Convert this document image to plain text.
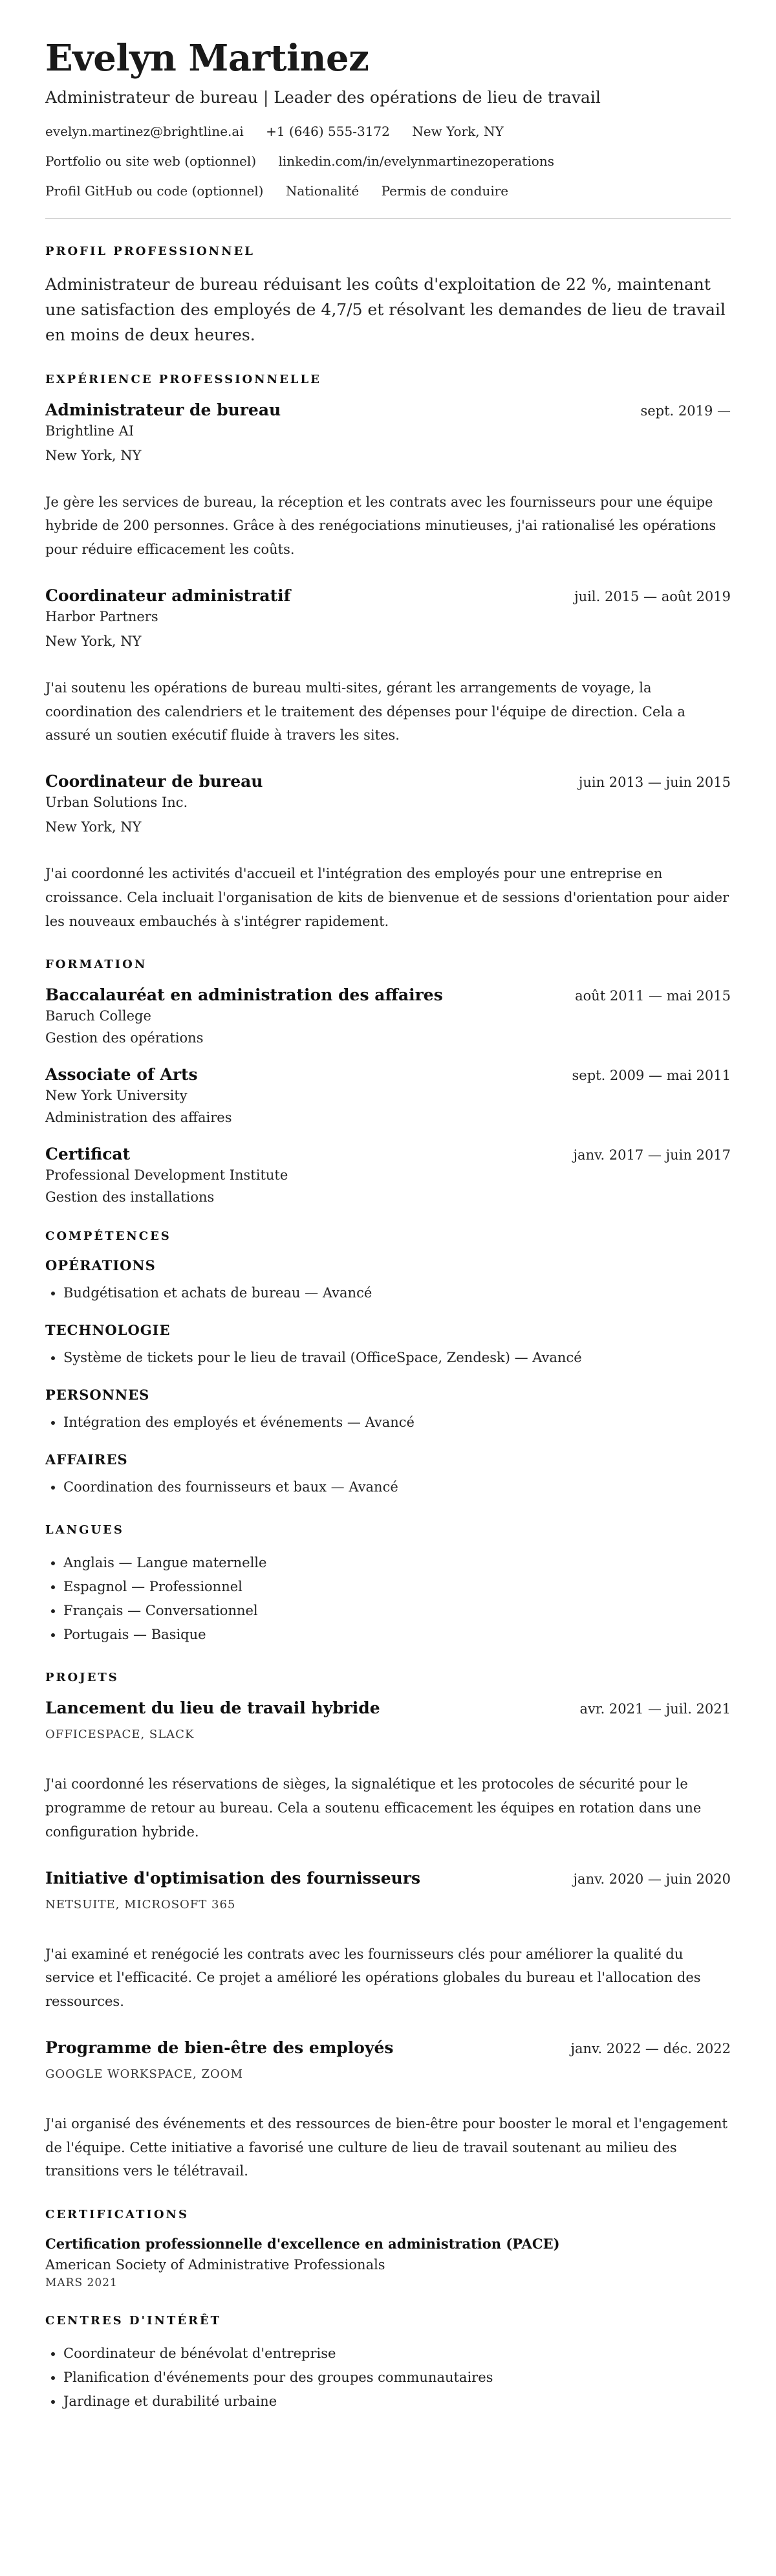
Evelyn Martinez
Administrateur de bureau | Leader des opérations de lieu de travail
evelyn.martinez@brightline.ai +1 (646) 555-3172 New York, NY
Portfolio ou site web (optionnel) linkedin.com/in/evelynmartinezoperations
Profil GitHub ou code (optionnel) Nationalité Permis de conduire
PROFIL PROFESSIONNEL

Administrateur de bureau réduisant les coûts d'exploitation de 22 %, maintenant une satisfaction des employés de 4,7/5 et résolvant les demandes de lieu de travail en moins de deux heures.

EXPÉRIENCE PROFESSIONNELLE
Administrateur de bureau	sept. 2019 —
Brightline AI
New York, NY
Je gère les services de bureau, la réception et les contrats avec les fournisseurs pour une équipe hybride de 200 personnes. Grâce à des renégociations minutieuses, j'ai rationalisé les opérations pour réduire efficacement les coûts.
Coordinateur administratif	juil. 2015 — août 2019
Harbor Partners
New York, NY
J'ai soutenu les opérations de bureau multi-sites, gérant les arrangements de voyage, la coordination des calendriers et le traitement des dépenses pour l'équipe de direction. Cela a assuré un soutien exécutif fluide à travers les sites.
Coordinateur de bureau	juin 2013 — juin 2015
Urban Solutions Inc.
New York, NY
J'ai coordonné les activités d'accueil et l'intégration des employés pour une entreprise en croissance. Cela incluait l'organisation de kits de bienvenue et de sessions d'orientation pour aider les nouveaux embauchés à s'intégrer rapidement.
FORMATION
Baccalauréat en administration des affaires	août 2011 — mai 2015
Baruch College
Gestion des opérations
Associate of Arts	sept. 2009 — mai 2011
New York University
Administration des affaires
Certificat	janv. 2017 — juin 2017
Professional Development Institute
Gestion des installations
COMPÉTENCES
OPÉRATIONS
• Budgétisation et achats de bureau — Avancé
TECHNOLOGIE
• Système de tickets pour le lieu de travail (OfficeSpace, Zendesk) — Avancé
PERSONNES
• Intégration des employés et événements — Avancé
AFFAIRES
• Coordination des fournisseurs et baux — Avancé
LANGUES
• Anglais — Langue maternelle
• Espagnol — Professionnel
• Français — Conversationnel
• Portugais — Basique
PROJETS
Lancement du lieu de travail hybride	avr. 2021 — juil. 2021
OFFICESPACE, SLACK
J'ai coordonné les réservations de sièges, la signalétique et les protocoles de sécurité pour le programme de retour au bureau. Cela a soutenu efficacement les équipes en rotation dans une configuration hybride.
Initiative d'optimisation des fournisseurs	janv. 2020 — juin 2020
NETSUITE, MICROSOFT 365
J'ai examiné et renégocié les contrats avec les fournisseurs clés pour améliorer la qualité du service et l'efficacité. Ce projet a amélioré les opérations globales du bureau et l'allocation des ressources.
Programme de bien-être des employés	janv. 2022 — déc. 2022
GOOGLE WORKSPACE, ZOOM
J'ai organisé des événements et des ressources de bien-être pour booster le moral et l'engagement de l'équipe. Cette initiative a favorisé une culture de lieu de travail soutenant au milieu des transitions vers le télétravail.
CERTIFICATIONS
Certification professionnelle d'excellence en administration (PACE)
American Society of Administrative Professionals
MARS 2021
CENTRES D'INTÉRÊT
• Coordinateur de bénévolat d'entreprise
• Planification d'événements pour des groupes communautaires
• Jardinage et durabilité urbaine
